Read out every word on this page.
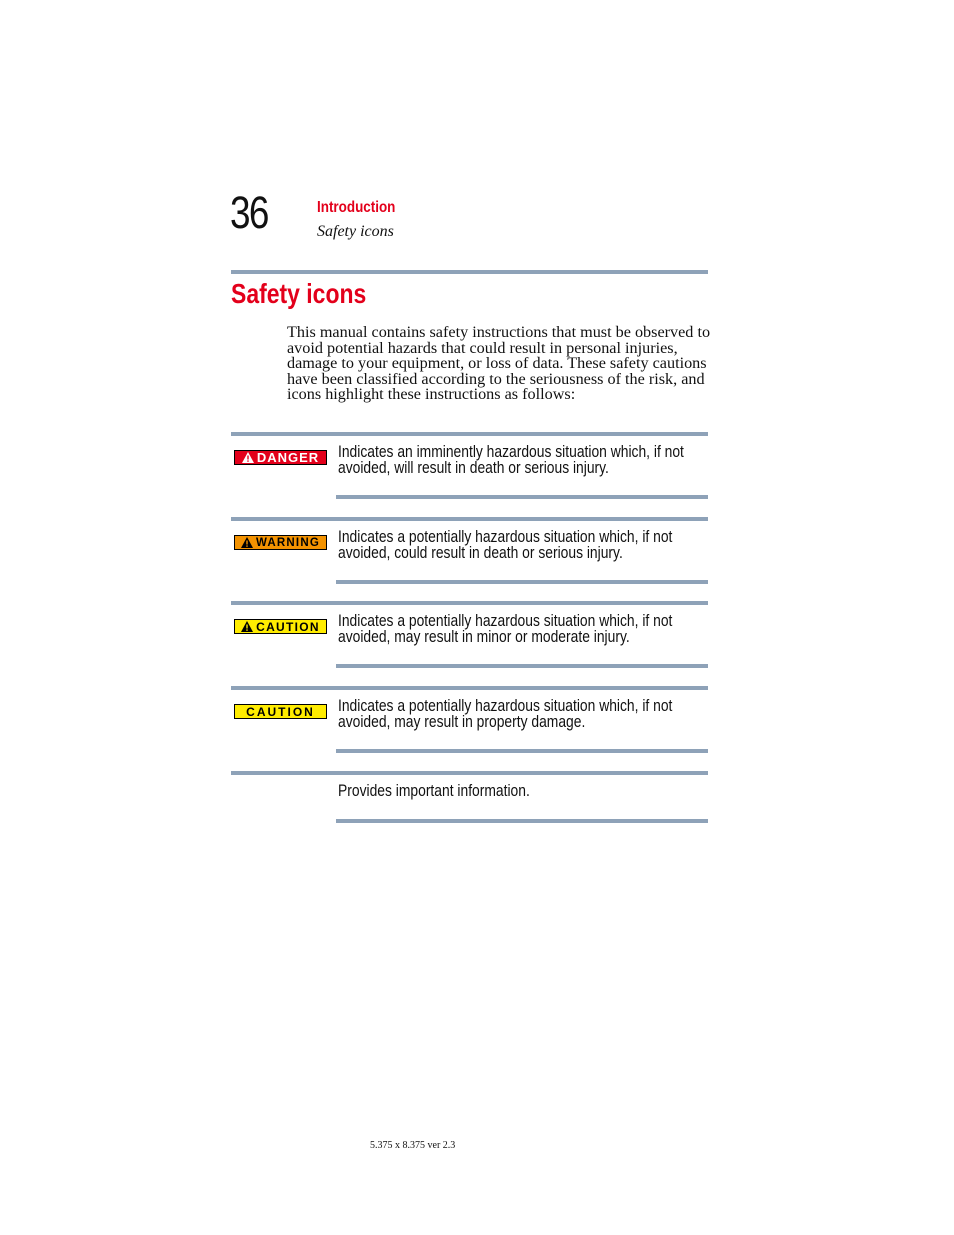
36	Introduction
Safety icons
Safety icons
This manual contains safety instructions that must be observed to avoid potential hazards that could result in personal injuries, damage to your equipment, or loss of data. These safety cautions have been classified according to the seriousness of the risk, and icons highlight these instructions as follows:
DANGER Indicates an imminently hazardous situation which, if not avoided, will result in death or serious injury.
WARNING Indicates a potentially hazardous situation which, if not avoided, could result in death or serious injury.
CAUTION Indicates a potentially hazardous situation which, if not avoided, may result in minor or moderate injury.
CAUTION Indicates a potentially hazardous situation which, if not avoided, may result in property damage.
Provides important information.
5.375 x 8.375 ver 2.3
